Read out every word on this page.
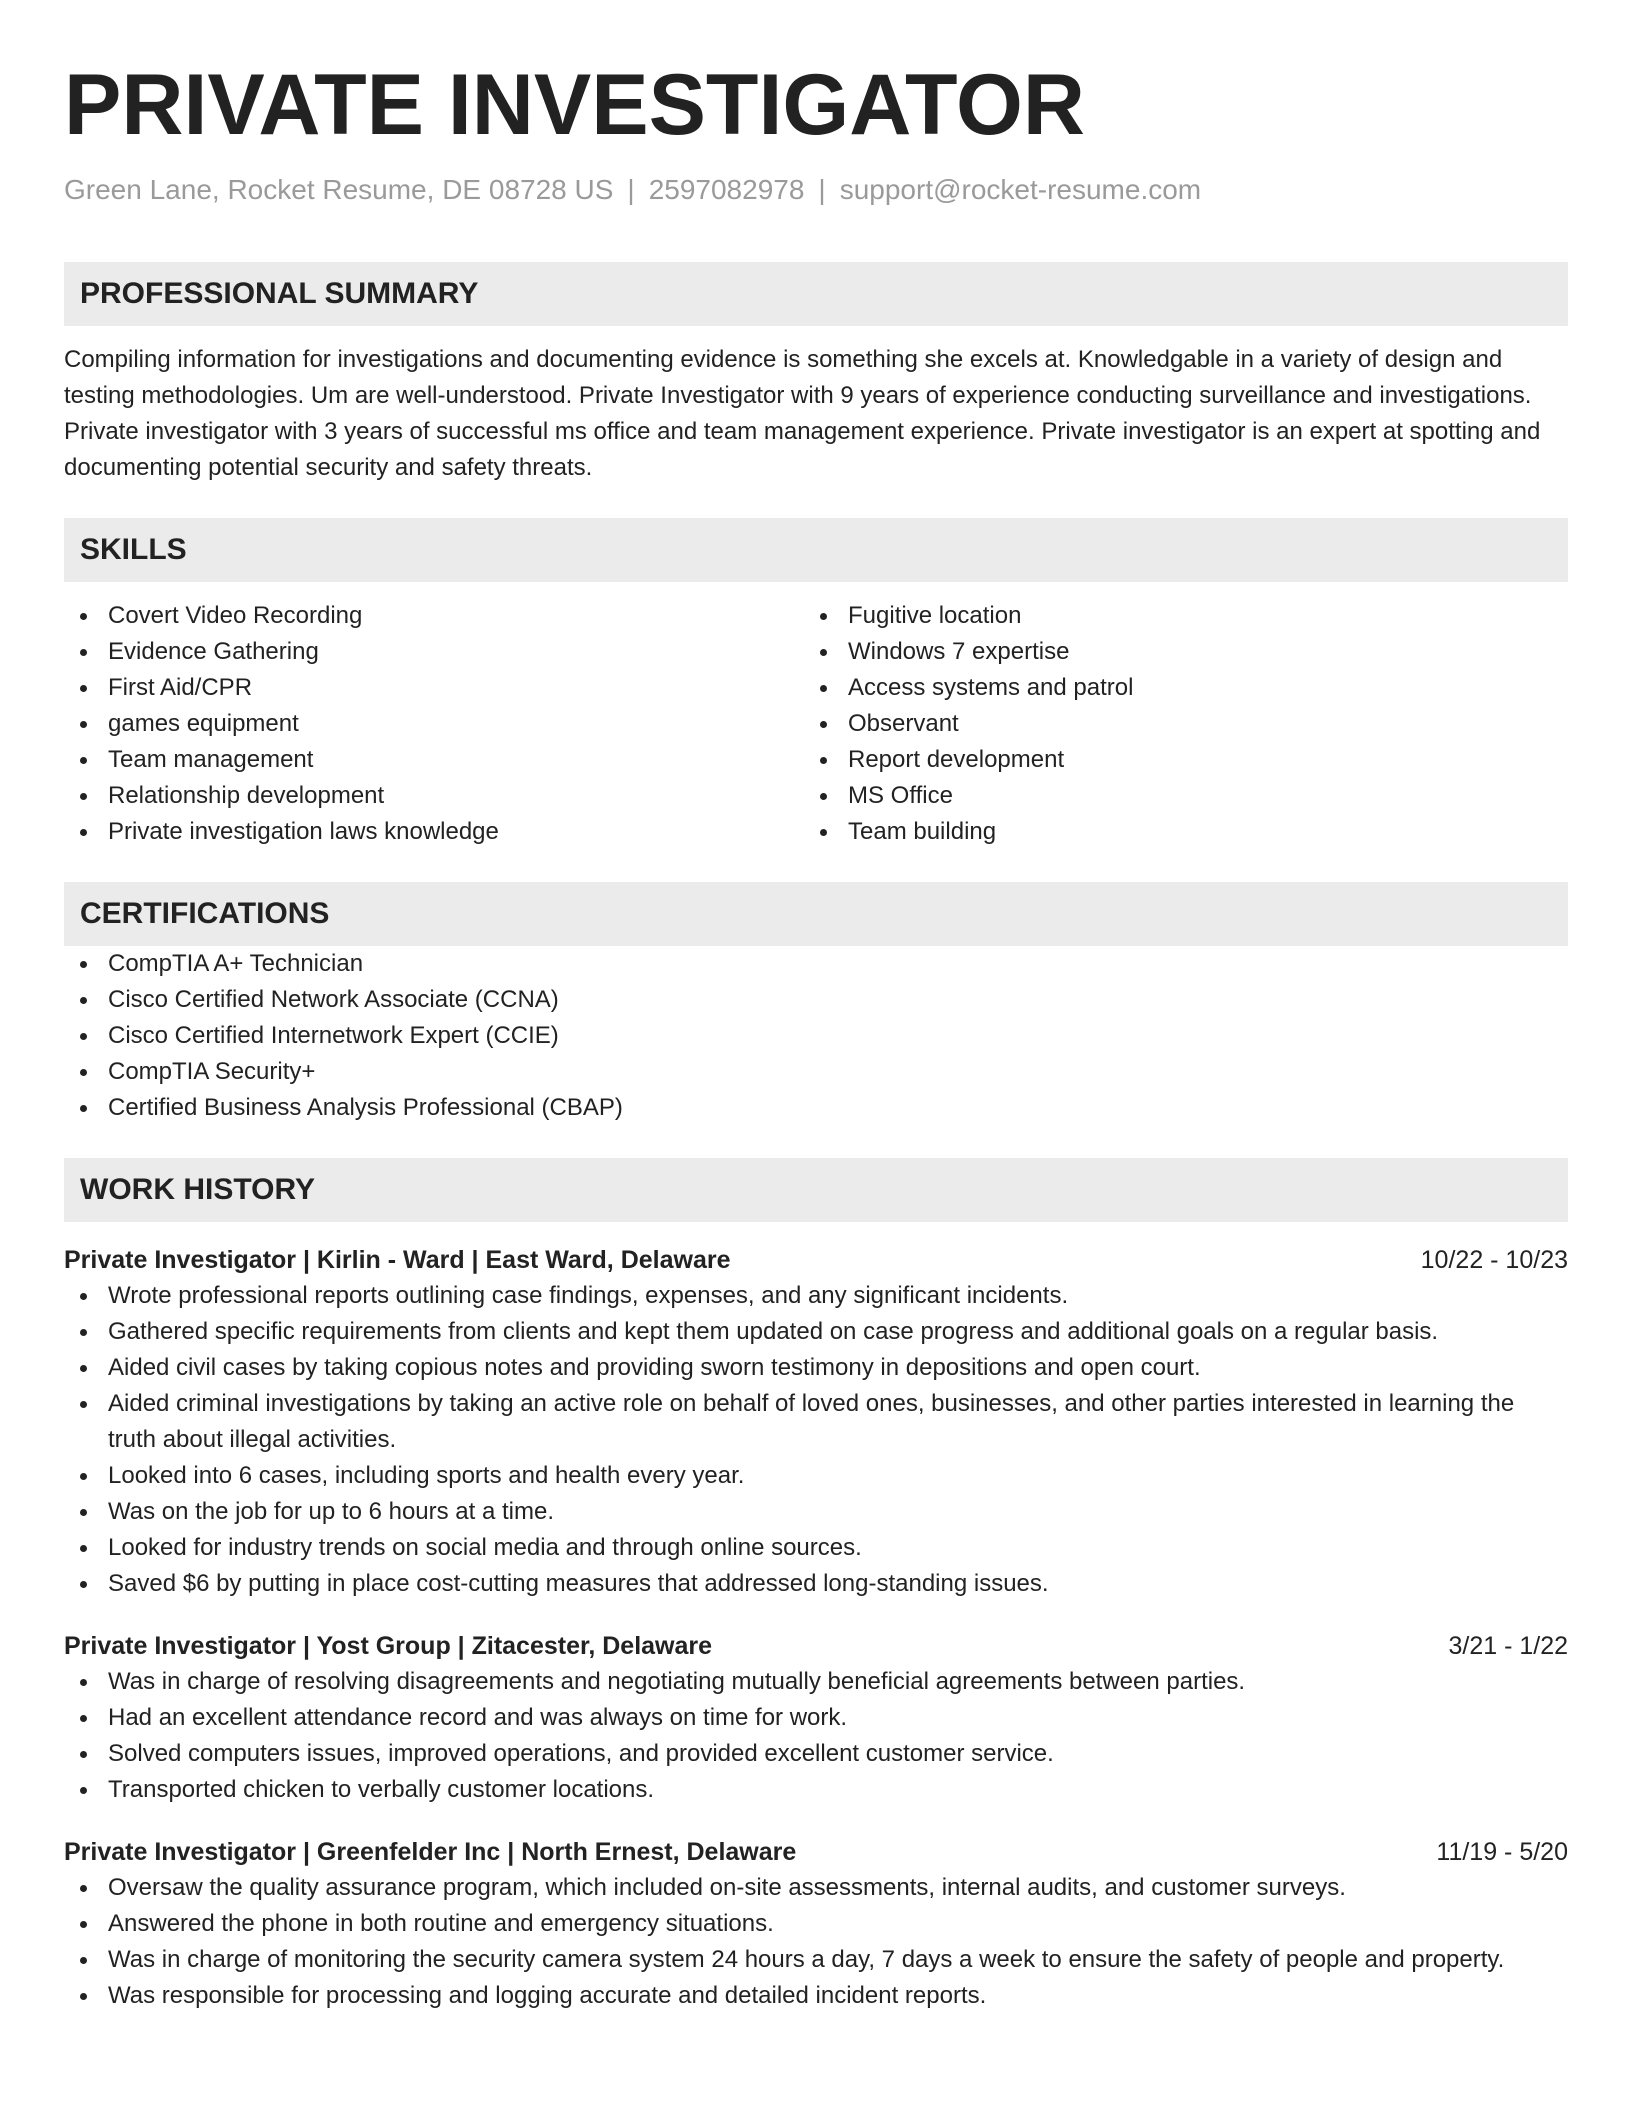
PRIVATE INVESTIGATOR
Green Lane, Rocket Resume, DE 08728 US | 2597082978 | support@rocket-resume.com
PROFESSIONAL SUMMARY
Compiling information for investigations and documenting evidence is something she excels at. Knowledgable in a variety of design and testing methodologies. Um are well-understood. Private Investigator with 9 years of experience conducting surveillance and investigations. Private investigator with 3 years of successful ms office and team management experience. Private investigator is an expert at spotting and documenting potential security and safety threats.
SKILLS
Covert Video Recording
Evidence Gathering
First Aid/CPR
games equipment
Team management
Relationship development
Private investigation laws knowledge
Fugitive location
Windows 7 expertise
Access systems and patrol
Observant
Report development
MS Office
Team building
CERTIFICATIONS
CompTIA A+ Technician
Cisco Certified Network Associate (CCNA)
Cisco Certified Internetwork Expert (CCIE)
CompTIA Security+
Certified Business Analysis Professional (CBAP)
WORK HISTORY
Private Investigator | Kirlin - Ward | East Ward, Delaware	10/22 - 10/23
Wrote professional reports outlining case findings, expenses, and any significant incidents.
Gathered specific requirements from clients and kept them updated on case progress and additional goals on a regular basis.
Aided civil cases by taking copious notes and providing sworn testimony in depositions and open court.
Aided criminal investigations by taking an active role on behalf of loved ones, businesses, and other parties interested in learning the truth about illegal activities.
Looked into 6 cases, including sports and health every year.
Was on the job for up to 6 hours at a time.
Looked for industry trends on social media and through online sources.
Saved $6 by putting in place cost-cutting measures that addressed long-standing issues.
Private Investigator | Yost Group | Zitacester, Delaware	3/21 - 1/22
Was in charge of resolving disagreements and negotiating mutually beneficial agreements between parties.
Had an excellent attendance record and was always on time for work.
Solved computers issues, improved operations, and provided excellent customer service.
Transported chicken to verbally customer locations.
Private Investigator | Greenfelder Inc | North Ernest, Delaware	11/19 - 5/20
Oversaw the quality assurance program, which included on-site assessments, internal audits, and customer surveys.
Answered the phone in both routine and emergency situations.
Was in charge of monitoring the security camera system 24 hours a day, 7 days a week to ensure the safety of people and property.
Was responsible for processing and logging accurate and detailed incident reports.
